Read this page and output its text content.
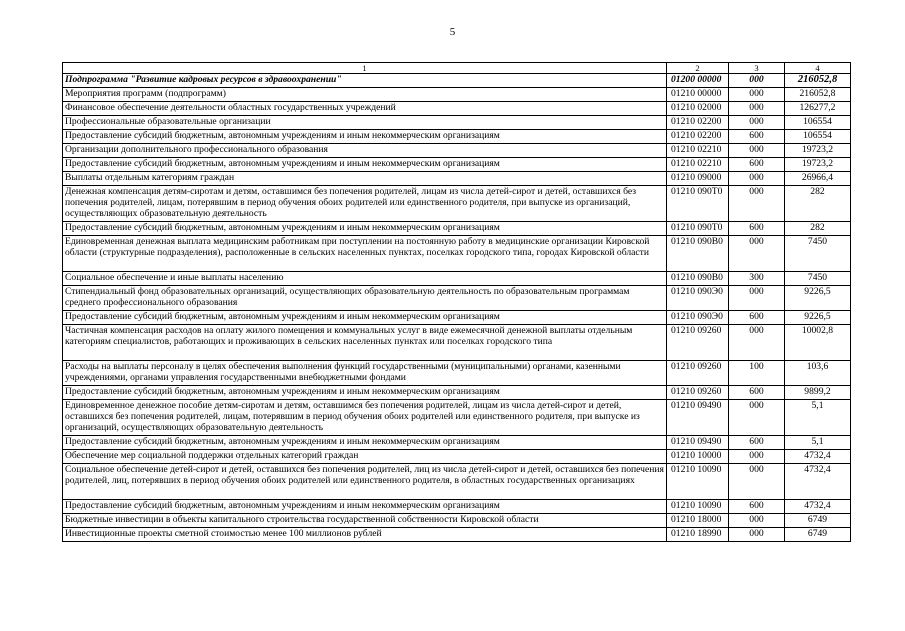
5
1	2	3	4
Подпрограмма "Развитие кадровых ресурсов в здравоохранении"	01200 00000	000	216052,8
Мероприятия программ (подпрограмм)	01210 00000	000	216052,8
Финансовое обеспечение деятельности областных государственных учреждений	01210 02000	000	126277,2
Профессиональные образовательные организации	01210 02200	000	106554
Предоставление субсидий бюджетным, автономным учреждениям и иным некоммерческим организациям	01210 02200	600	106554
Организации дополнительного профессионального образования	01210 02210	000	19723,2
Предоставление субсидий бюджетным, автономным учреждениям и иным некоммерческим организациям	01210 02210	600	19723,2
Выплаты отдельным категориям граждан	01210 09000	000	26966,4
Денежная компенсация детям-сиротам и детям, оставшимся без попечения родителей, лицам из числа детей-сирот и детей, оставшихся без попечения родителей, лицам, потерявшим в период обучения обоих родителей или единственного родителя, при выпуске из организаций, осуществляющих образовательную деятельность	01210 090Т0	000	282
Предоставление субсидий бюджетным, автономным учреждениям и иным некоммерческим организациям	01210 090Т0	600	282
Единовременная денежная выплата медицинским работникам при поступлении на постоянную работу в медицинские организации Кировской области (структурные подразделения), расположенные в сельских населенных пунктах, поселках городского типа, городах Кировской области	01210 090В0	000	7450
Социальное обеспечение и иные выплаты населению	01210 090В0	300	7450
Стипендиальный фонд образовательных организаций, осуществляющих образовательную деятельность по образовательным программам среднего профессионального образования	01210 090Э0	000	9226,5
Предоставление субсидий бюджетным, автономным учреждениям и иным некоммерческим организациям	01210 090Э0	600	9226,5
Частичная компенсация расходов на оплату жилого помещения и коммунальных услуг в виде ежемесячной денежной выплаты отдельным категориям специалистов, работающих и проживающих в сельских населенных пунктах или поселках городского типа	01210 09260	000	10002,8
Расходы на выплаты персоналу в целях обеспечения выполнения функций государственными (муниципальными) органами, казенными учреждениями, органами управления государственными внебюджетными фондами	01210 09260	100	103,6
Предоставление субсидий бюджетным, автономным учреждениям и иным некоммерческим организациям	01210 09260	600	9899,2
Единовременное денежное пособие детям-сиротам и детям, оставшимся без попечения родителей, лицам из числа детей-сирот и детей, оставшихся без попечения родителей, лицам, потерявшим в период обучения обоих родителей или единственного родителя, при выпуске из организаций, осуществляющих образовательную деятельность	01210 09490	000	5,1
Предоставление субсидий бюджетным, автономным учреждениям и иным некоммерческим организациям	01210 09490	600	5,1
Обеспечение мер социальной поддержки отдельных категорий граждан	01210 10000	000	4732,4
Социальное обеспечение детей-сирот и детей, оставшихся без попечения родителей, лиц из числа детей-сирот и детей, оставшихся без попечения родителей, лиц, потерявших в период обучения обоих родителей или единственного родителя, в областных государственных организациях	01210 10090	000	4732,4
Предоставление субсидий бюджетным, автономным учреждениям и иным некоммерческим организациям	01210 10090	600	4732,4
Бюджетные инвестиции в объекты капитального строительства государственной собственности Кировской области	01210 18000	000	6749
Инвестиционные проекты сметной стоимостью менее 100 миллионов рублей	01210 18990	000	6749
